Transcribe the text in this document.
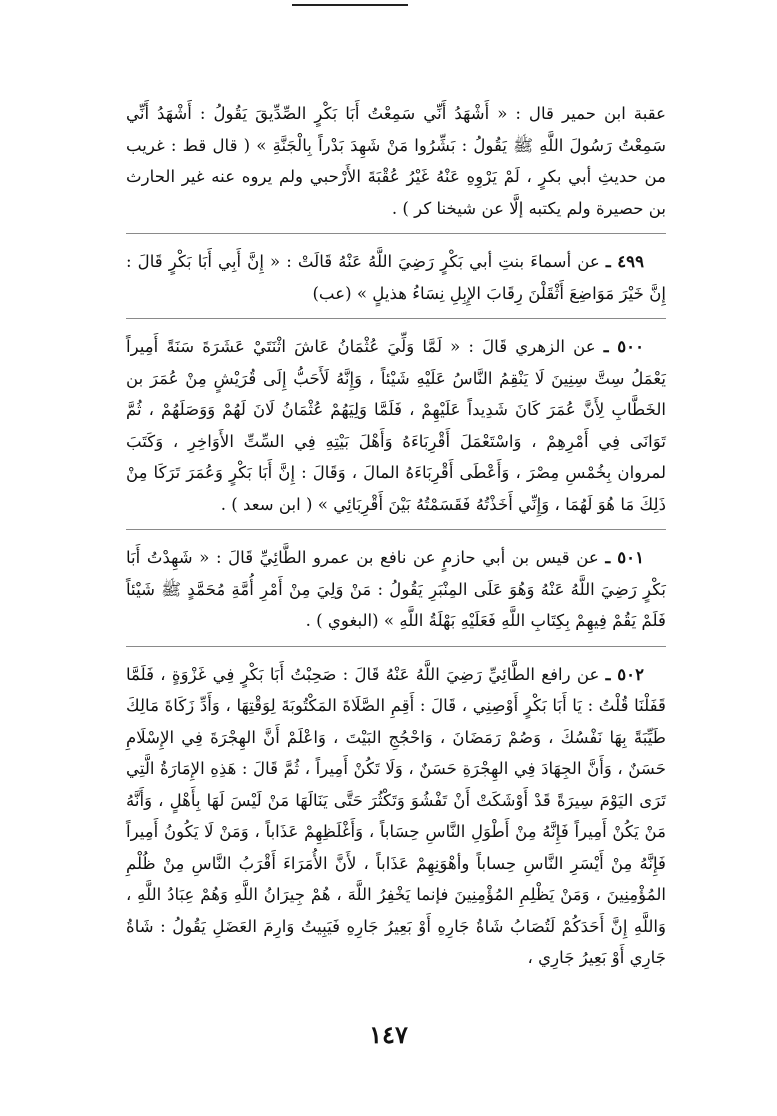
عقبة ابن حمير قال : « أَشْهَدُ أَنِّي سَمِعْتُ أَبَا بَكْرٍ الصِّدِّيقَ يَقُولُ : أَشْهَدُ أَنِّي سَمِعْتُ رَسُولَ اللَّهِ ﷺ يَقُولُ : بَشِّرُوا مَنْ شَهِدَ بَدْراً بِالْجَنَّةِ » ( قال قط : غريب من حديثِ أبي بكرٍ ، لَمْ يَرْوِهِ عَنْهُ غَيْرُ عُقْبَةَ الأَرْحبي ولم يروه عنه غير الحارث بن حصيرة ولم يكتبه إلَّا عن شيخنا كر ) .

٤٩٩ ـ عن أسماءَ بنتِ أبي بَكْرٍ رَضِيَ اللَّهُ عَنْهُ قَالَتْ : « إِنَّ أَبِي أَبَا بَكْرٍ قَالَ : إِنَّ خَيْرَ مَوَاضِعَ أَثْقَلْنَ رِقَابَ الإِبِلِ نِسَاءُ هذيلٍ » (عب)

٥٠٠ ـ عن الزهري قَالَ : « لَمَّا وَلِّيَ عُثْمَانُ عَاشَ اثْنَتَيْ عَشَرَةَ سَنَةً أَمِيراً يَعْمَلُ سِتَّ سِنِينَ لَا يَنْقِمُ النَّاسُ عَلَيْهِ شَيْئاً ، وَإِنَّهُ لَأَحَبُّ إِلَى قُرَيْشٍ مِنْ عُمَرَ بن الخَطَّابِ لِأَنَّ عُمَرَ كَانَ شَدِيداً عَلَيْهِمْ ، فَلَمَّا وَلِيَهُمْ عُثْمَانُ لَانَ لَهُمْ وَوَصَلَهُمْ ، ثُمَّ تَوَانَى فِي أَمْرِهِمْ ، وَاسْتَعْمَلَ أَقْرِبَاءَهُ وَأَهْلَ بَيْتِهِ فِي السِّتِّ الأَوَاخِرِ ، وَكَتَبَ لمروان بِخُمْسِ مِصْرَ ، وَأَعْطَى أَقْرِبَاءَهُ المالَ ، وَقَالَ : إِنَّ أَبَا بَكْرٍ وَعُمَرَ تَرَكَا مِنْ ذَلِكَ مَا هُوَ لَهُمَا ، وَإِنِّي أَخَذْتُهُ فَقَسَمْتُهُ بَيْنَ أَقْرِبَائِي » ( ابن سعد ) .

٥٠١ ـ عن قيس بن أبي حازمٍ عن نافع بن عمرو الطَّائِيِّ قَالَ : « شَهِدْتُ أَبَا بَكْرٍ رَضِيَ اللَّهُ عَنْهُ وَهُوَ عَلَى المِنْبَرِ يَقُولُ : مَنْ وَلِيَ مِنْ أَمْرِ أُمَّةِ مُحَمَّدٍ ﷺ شَيْئاً فَلَمْ يَقُمْ فِيهِمْ بِكِتَابِ اللَّهِ فَعَلَيْهِ بَهْلَةُ اللَّهِ » (البغوي ) .

٥٠٢ ـ عن رافع الطَّائِيِّ رَضِيَ اللَّهُ عَنْهُ قَالَ : صَحِبْتُ أَبَا بَكْرٍ فِي غَزْوَةٍ ، فَلَمَّا قَفَلْنَا قُلْتُ : يَا أَبَا بَكْرٍ أَوْصِنِي ، قَالَ : أَقِمِ الصَّلَاةَ المَكْتُوبَةَ لِوَقْتِهَا ، وَأَدِّ زَكَاةَ مَالِكَ طَيِّبَةً بِهَا نَفْسُكَ ، وَصُمْ رَمَضَانَ ، وَاحْجُجِ البَيْتَ ، وَاعْلَمْ أَنَّ الهِجْرَةَ فِي الإِسْلَامِ حَسَنٌ ، وَأَنَّ الجِهَادَ فِي الهِجْرَةِ حَسَنٌ ، وَلَا تَكُنْ أَمِيراً ، ثُمَّ قَالَ : هَذِهِ الإِمَارَةُ الَّتِي تَرَى اليَوْمَ سِيرَةً قَدْ أَوْشَكَتْ أَنْ تَفْشُوَ وَتَكْثُرَ حَتَّى يَنَالَهَا مَنْ لَيْسَ لَهَا بِأَهْلٍ ، وَأَنَّهُ مَنْ يَكُنْ أَمِيراً فَإِنَّهُ مِنْ أَطْوَلِ النَّاسِ حِسَاباً ، وَأَغْلَظِهِمْ عَذَاباً ، وَمَنْ لَا يَكُونُ أَمِيراً فَإِنَّهُ مِنْ أَيْسَرِ النَّاسِ حِساباً وأهْوَنِهِمْ عَذَاباً ، لأَنَّ الأُمَرَاءَ أَقْرَبُ النَّاسِ مِنْ ظُلْمِ المُؤْمِنِينَ ، وَمَنْ يَظْلِمِ المُؤْمِنِينَ فإنما يَخْفِرُ اللَّهَ ، هُمْ جِيرَانُ اللَّهِ وَهُمْ عِبَادُ اللَّهِ ، وَاللَّهِ إِنَّ أَحَدَكُمْ لَتُصَابُ شَاةُ جَارِهِ أَوْ بَعِيرُ جَارِهِ فَيَبِيتُ وَارِمَ العَضَلِ يَقُولُ : شَاةُ جَارِي أَوْ بَعِيرُ جَارِي ،

١٤٧
